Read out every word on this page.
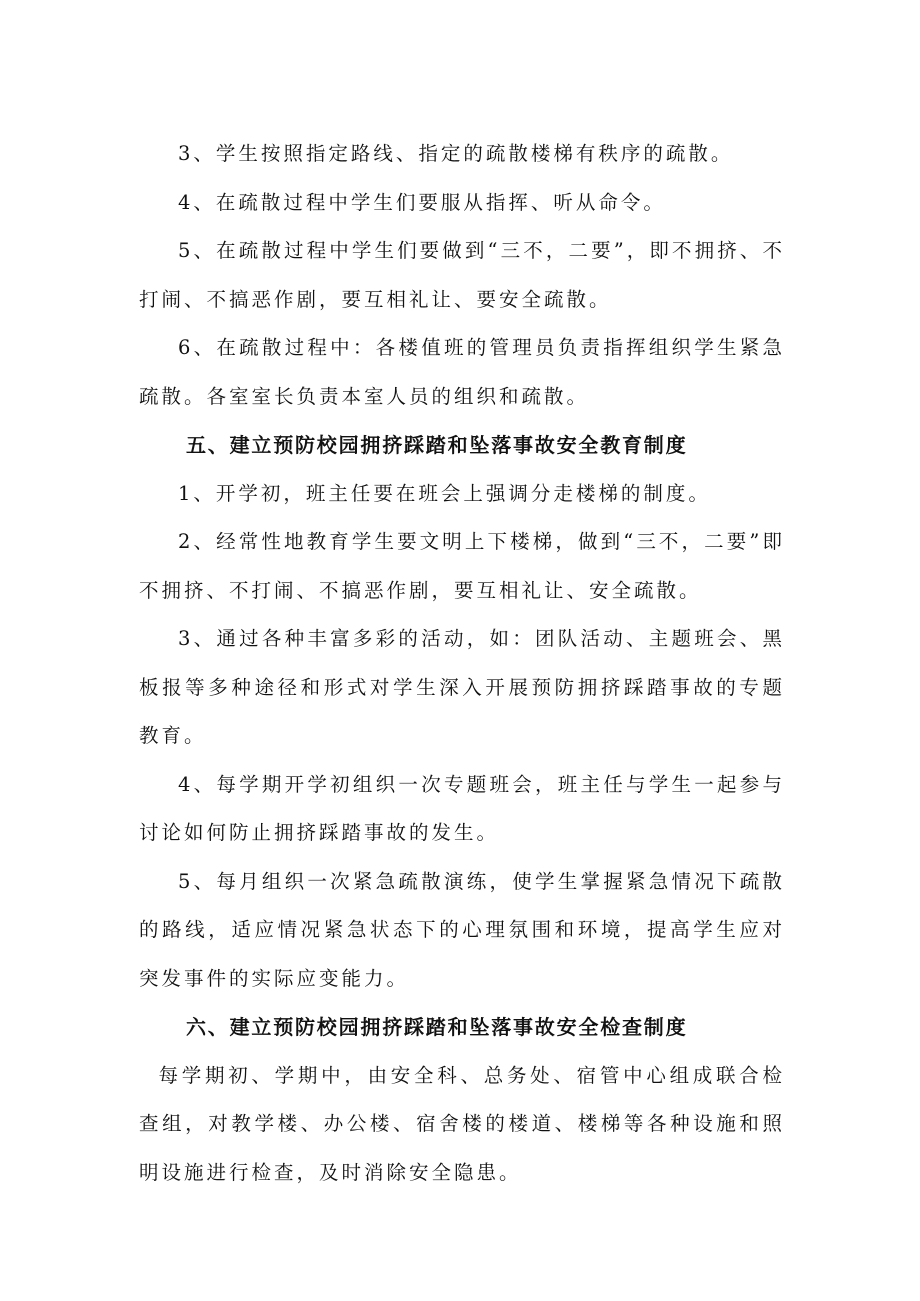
3、学生按照指定路线、指定的疏散楼梯有秩序的疏散。

4、在疏散过程中学生们要服从指挥、听从命令。

5、在疏散过程中学生们要做到“三不，二要”，即不拥挤、不打闹、不搞恶作剧，要互相礼让、要安全疏散。

6、在疏散过程中：各楼值班的管理员负责指挥组织学生紧急疏散。各室室长负责本室人员的组织和疏散。

五、建立预防校园拥挤踩踏和坠落事故安全教育制度

1、开学初，班主任要在班会上强调分走楼梯的制度。

2、经常性地教育学生要文明上下楼梯，做到“三不，二要”即不拥挤、不打闹、不搞恶作剧，要互相礼让、安全疏散。

3、通过各种丰富多彩的活动，如：团队活动、主题班会、黑板报等多种途径和形式对学生深入开展预防拥挤踩踏事故的专题教育。

4、每学期开学初组织一次专题班会，班主任与学生一起参与讨论如何防止拥挤踩踏事故的发生。

5、每月组织一次紧急疏散演练，使学生掌握紧急情况下疏散的路线，适应情况紧急状态下的心理氛围和环境，提高学生应对突发事件的实际应变能力。

六、建立预防校园拥挤踩踏和坠落事故安全检查制度

每学期初、学期中，由安全科、总务处、宿管中心组成联合检查组，对教学楼、办公楼、宿舍楼的楼道、楼梯等各种设施和照明设施进行检查，及时消除安全隐患。
